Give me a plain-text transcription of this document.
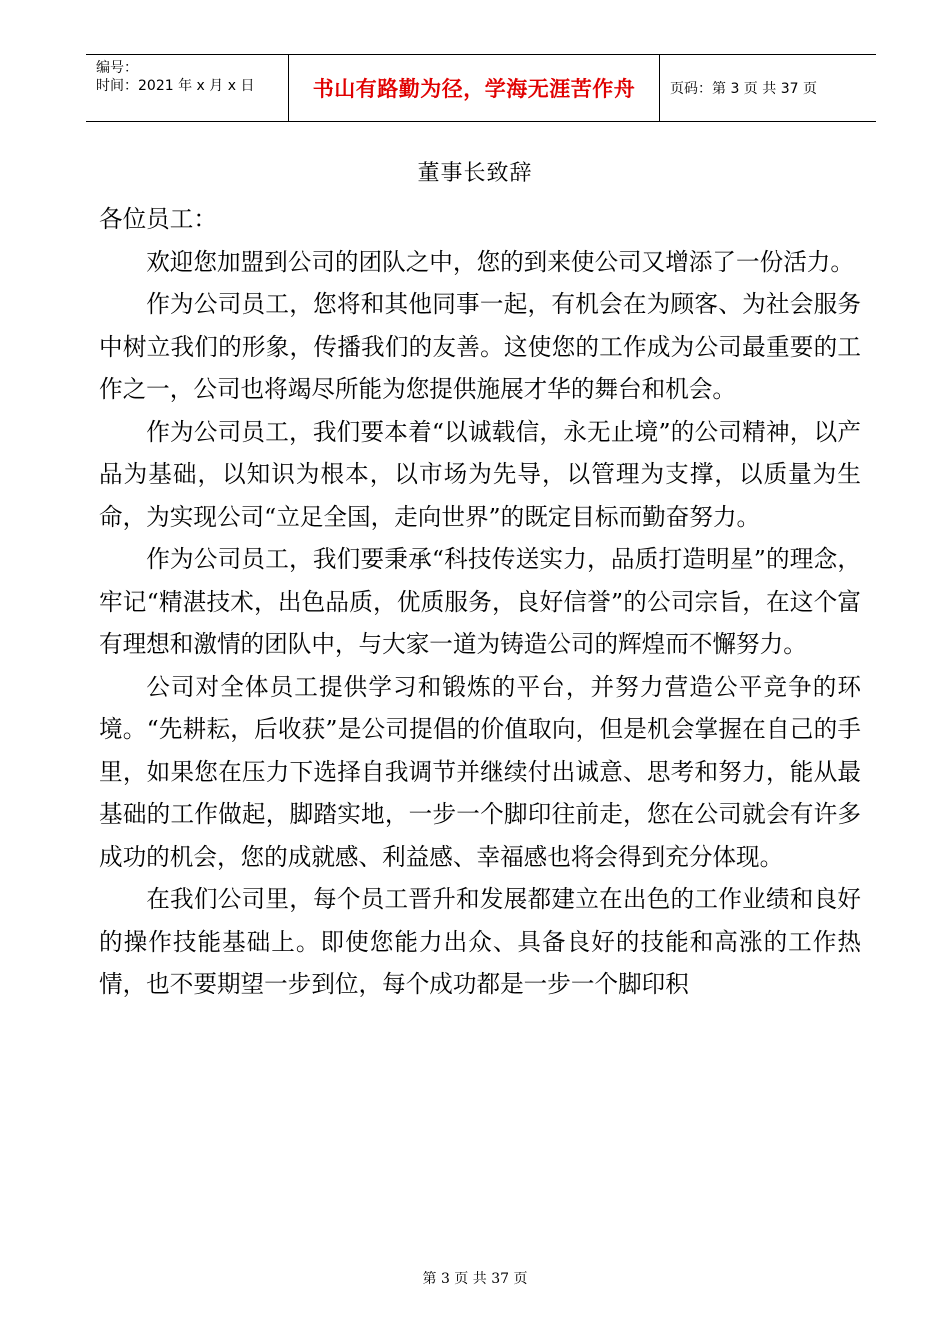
编号：
时间：2021 年 x 月 x 日	书山有路勤为径，学海无涯苦作舟	页码：第 3 页 共 37 页
董事长致辞

各位员工：

欢迎您加盟到公司的团队之中，您的到来使公司又增添了一份活力。

作为公司员工，您将和其他同事一起，有机会在为顾客、为社会服务中树立我们的形象，传播我们的友善。这使您的工作成为公司最重要的工作之一，公司也将竭尽所能为您提供施展才华的舞台和机会。

作为公司员工，我们要本着“以诚载信，永无止境”的公司精神，以产品为基础，以知识为根本，以市场为先导，以管理为支撑，以质量为生命，为实现公司“立足全国，走向世界”的既定目标而勤奋努力。

作为公司员工，我们要秉承“科技传送实力，品质打造明星”的理念，牢记“精湛技术，出色品质，优质服务，良好信誉”的公司宗旨，在这个富有理想和激情的团队中，与大家一道为铸造公司的辉煌而不懈努力。

公司对全体员工提供学习和锻炼的平台，并努力营造公平竞争的环境。“先耕耘，后收获”是公司提倡的价值取向，但是机会掌握在自己的手里，如果您在压力下选择自我调节并继续付出诚意、思考和努力，能从最基础的工作做起，脚踏实地，一步一个脚印往前走，您在公司就会有许多成功的机会，您的成就感、利益感、幸福感也将会得到充分体现。

在我们公司里，每个员工晋升和发展都建立在出色的工作业绩和良好的操作技能基础上。即使您能力出众、具备良好的技能和高涨的工作热情，也不要期望一步到位，每个成功都是一步一个脚印积

第 3 页 共 37 页
